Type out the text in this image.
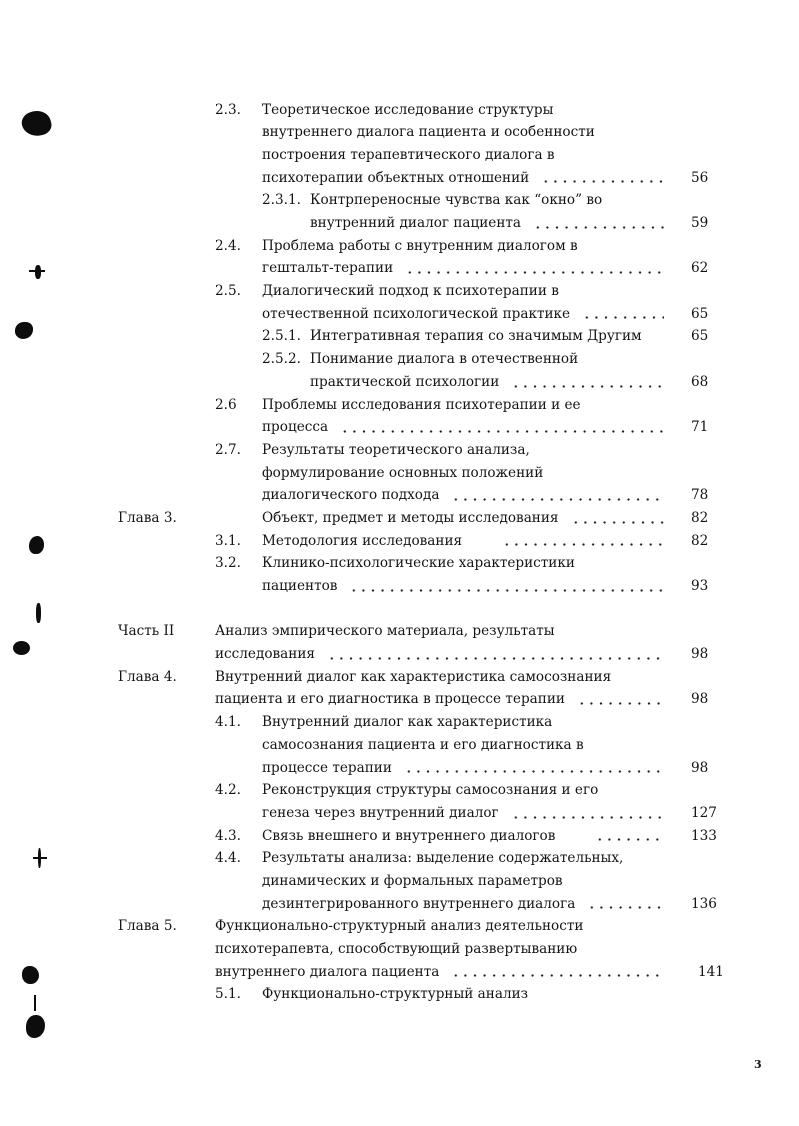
2.3. Теоретическое исследование структуры
внутреннего диалога пациента и особенности
построения терапевтического диалога в
психотерапии объектных отношений	56
2.3.1. Контрпереносные чувства как “окно” во
внутренний диалог пациента	59
2.4. Проблема работы с внутренним диалогом в
гештальт-терапии	62
2.5. Диалогический подход к психотерапии в
отечественной психологической практике	65
2.5.1. Интегративная терапия со значимым Другим	65
2.5.2. Понимание диалога в отечественной
практической психологии	68
2.6 Проблемы исследования психотерапии и ее
процесса	71
2.7. Результаты теоретического анализа,
формулирование основных положений
диалогического подхода	78
Глава 3.	Объект, предмет и методы исследования	82
3.1. Методология исследования	82
3.2. Клинико-психологические характеристики
пациентов	93
Часть II	Анализ эмпирического материала, результаты
исследования	98
Глава 4.	Внутренний диалог как характеристика самосознания
пациента и его диагностика в процессе терапии	98
4.1. Внутренний диалог как характеристика
самосознания пациента и его диагностика в
процессе терапии	98
4.2. Реконструкция структуры самосознания и его
генеза через внутренний диалог	127
4.3. Связь внешнего и внутреннего диалогов	133
4.4. Результаты анализа: выделение содержательных,
динамических и формальных параметров
дезинтегрированного внутреннего диалога	136
Глава 5.	Функционально-структурный анализ деятельности
психотерапевта, способствующий развертыванию
внутреннего диалога пациента	141
5.1. Функционально-структурный анализ
3
